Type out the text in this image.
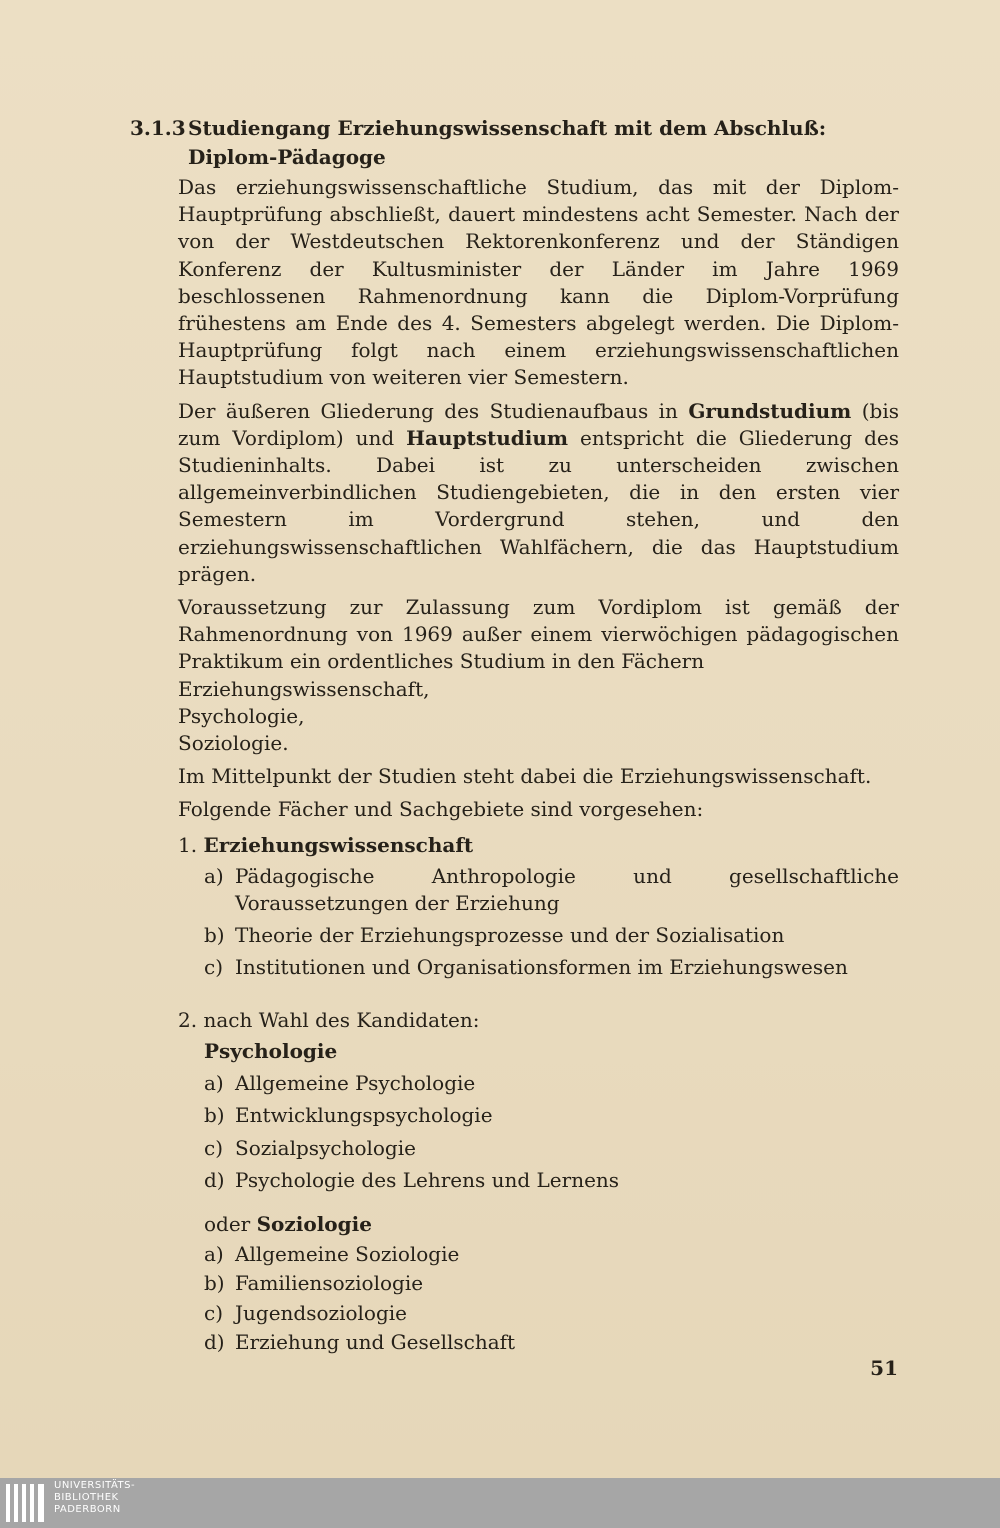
3.1.3 Studiengang Erziehungswissenschaft mit dem Abschluß:
Diplom-Pädagoge

Das erziehungswissenschaftliche Studium, das mit der Diplom-Hauptprüfung abschließt, dauert mindestens acht Semester. Nach der von der Westdeutschen Rektorenkonferenz und der Ständigen Konferenz der Kultusminister der Länder im Jahre 1969 beschlossenen Rahmenordnung kann die Diplom-Vorprüfung frühestens am Ende des 4. Semesters abgelegt werden. Die Diplom-Hauptprüfung folgt nach einem erziehungswissenschaftlichen Hauptstudium von weiteren vier Semestern.

Der äußeren Gliederung des Studienaufbaus in Grundstudium (bis zum Vordiplom) und Hauptstudium entspricht die Gliederung des Studieninhalts. Dabei ist zu unterscheiden zwischen allgemeinverbindlichen Studiengebieten, die in den ersten vier Semestern im Vordergrund stehen, und den erziehungswissenschaftlichen Wahlfächern, die das Hauptstudium prägen.

Voraussetzung zur Zulassung zum Vordiplom ist gemäß der Rahmenordnung von 1969 außer einem vierwöchigen pädagogischen Praktikum ein ordentliches Studium in den Fächern

Erziehungswissenschaft,
Psychologie,
Soziologie.

Im Mittelpunkt der Studien steht dabei die Erziehungswissenschaft.

Folgende Fächer und Sachgebiete sind vorgesehen:

1. Erziehungswissenschaft
a) Pädagogische Anthropologie und gesellschaftliche Voraussetzungen der Erziehung
b) Theorie der Erziehungsprozesse und der Sozialisation
c) Institutionen und Organisationsformen im Erziehungswesen
2. nach Wahl des Kandidaten:
Psychologie
a) Allgemeine Psychologie
b) Entwicklungspsychologie
c) Sozialpsychologie
d) Psychologie des Lehrens und Lernens
oder Soziologie
a) Allgemeine Soziologie
b) Familiensoziologie
c) Jugendsoziologie
d) Erziehung und Gesellschaft
51
UNIVERSITÄTS-
BIBLIOTHEK
PADERBORN
